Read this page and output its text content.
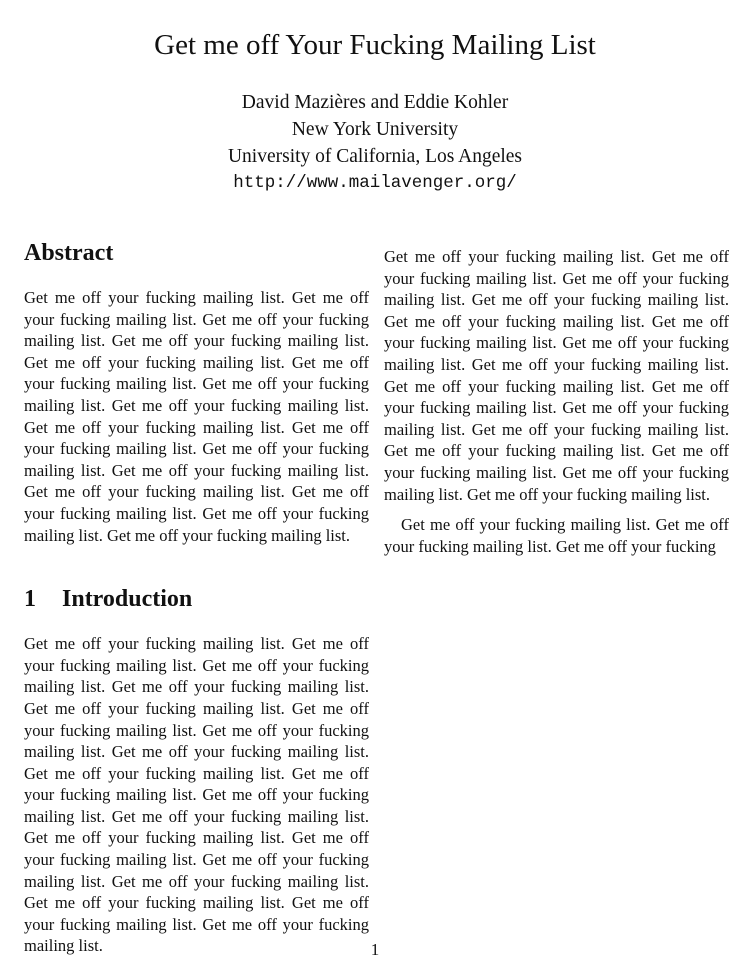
Get me off Your Fucking Mailing List
David Mazières and Eddie Kohler
New York University
University of California, Los Angeles
http://www.mailavenger.org/
Abstract

Get me off your fucking mailing list. Get me off your fucking mailing list. Get me off your fucking mailing list. Get me off your fucking mailing list. Get me off your fucking mailing list. Get me off your fucking mailing list. Get me off your fucking mailing list. Get me off your fucking mailing list. Get me off your fucking mailing list. Get me off your fucking mailing list. Get me off your fucking mailing list. Get me off your fucking mailing list. Get me off your fucking mailing list. Get me off your fucking mailing list. Get me off your fucking mailing list. Get me off your fucking mailing list.

1 Introduction

Get me off your fucking mailing list. Get me off your fucking mailing list. Get me off your fucking mailing list. Get me off your fucking mailing list. Get me off your fucking mailing list. Get me off your fucking mailing list. Get me off your fucking mailing list. Get me off your fucking mailing list. Get me off your fucking mailing list. Get me off your fucking mailing list. Get me off your fucking mailing list. Get me off your fucking mailing list. Get me off your fucking mailing list. Get me off your fucking mailing list. Get me off your fucking mailing list. Get me off your fucking mailing list. Get me off your fucking mailing list. Get me off your fucking mailing list. Get me off your fucking mailing list.

Get me off your fucking mailing list. Get me off your fucking mailing list. Get me off your fucking mailing list. Get me off your fucking mailing list. Get me off your fucking mailing list. Get me off your fucking mailing list. Get me off your fucking mailing list. Get me off your fucking mailing list. Get me off your fucking mailing list. Get me off your fucking mailing list. Get me off your fucking mailing list. Get me off your fucking mailing list. Get me off your fucking mailing list. Get me off your fucking mailing list. Get me off your fucking mailing list. Get me off your fucking mailing list.

Get me off your fucking mailing list. Get me off your fucking mailing list. Get me off your fucking

1
